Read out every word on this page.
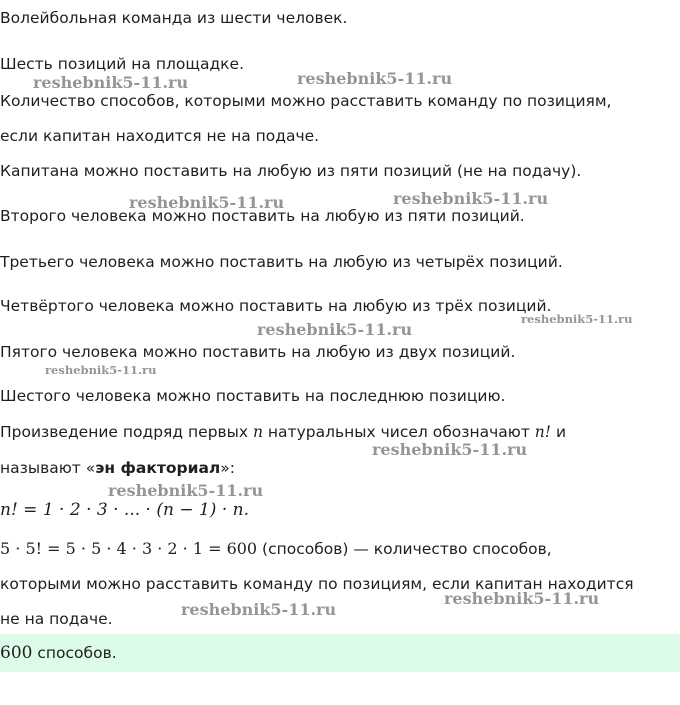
Волейбольная команда из шести человек.

Шесть позиций на площадке.

Количество способов, которыми можно расставить команду по позициям,

если капитан находится не на подаче.

Капитана можно поставить на любую из пяти позиций (не на подачу).

Второго человека можно поставить на любую из пяти позиций.

Третьего человека можно поставить на любую из четырёх позиций.

Четвёртого человека можно поставить на любую из трёх позиций.

Пятого человека можно поставить на любую из двух позиций.

Шестого человека можно поставить на последнюю позицию.

Произведение подряд первых n натуральных чисел обозначают n! и

называют «эн факториал»:

n! = 1 · 2 · 3 · ... · (n − 1) · n.

5 · 5! = 5 · 5 · 4 · 3 · 2 · 1 = 600 (способов) — количество способов,

которыми можно расставить команду по позициям, если капитан находится

не на подаче.

600 способов.

reshebnik5-11.ru	reshebnik5-11.ru

reshebnik5-11.ru	reshebnik5-11.ru

reshebnik5-11.ru

reshebnik5-11.ru

reshebnik5-11.ru

reshebnik5-11.ru

reshebnik5-11.ru

reshebnik5-11.ru

reshebnik5-11.ru
